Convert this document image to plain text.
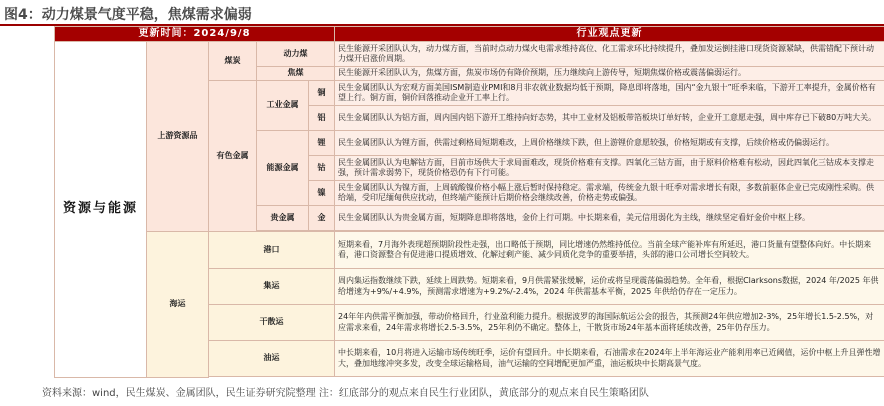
图4：动力煤景气度平稳，焦煤需求偏弱
更新时间：2024/9/8					行业观点更新
资源与能源	上游资源品	煤炭	动力煤		民生能源开采团队认为，动力煤方面，当前时点动力煤火电需求维持高位、化工需求环比持续提升，叠加发运倒挂港口现货资源紧缺，供需错配下预计动力煤开启涨价周期。
			焦煤		民生能源开采团队认为，焦煤方面，焦炭市场仍有降价预期，压力继续向上游传导，短期焦煤价格或震荡偏弱运行。
		有色金属	工业金属	铜	民生金属团队认为宏观方面美国ISM制造业PMI和8月非农就业数据均低于预期，降息即将落地，国内“金九银十”旺季来临，下游开工率提升，金属价格有望上行。铜方面，铜价回落推动企业开工率上行。
				铝	民生金属团队认为铝方面，周内国内铝下游开工维持向好态势，其中工业材及铝板带箔板块订单好转，企业开工意愿走强，周中库存已下破80万吨大关。
			能源金属	锂	民生金属团队认为锂方面，供需过剩格局短期难改，上周价格继续下跌，但上游锂价意愿较强，价格短期或有支撑，后续价格或仍偏弱运行。
				钴	民生金属团队认为电解钴方面，目前市场供大于求局面难改，现货价格难有支撑。四氧化三钴方面，由于原料价格难有松动，因此四氧化三钴成本支撑走强，预计需求弱势下，现货价格恐仍有下行可能。
				镍	民生金属团队认为镍方面，上周硫酸镍价格小幅上涨后暂时保持稳定。需求端，传统金九银十旺季对需求增长有限，多数前驱体企业已完成刚性采购。供给端，受印尼缅甸供应扰动，但终端产能预计后期价格会继续改善，价格走势或偏强。
			贵金属	金	民生金属团队认为贵金属方面，短期降息即将落地，金价上行可期。中长期来看，美元信用弱化为主线，继续坚定看好金价中枢上移。

	海运	港口			短期来看，7月海外表现超预期阶段性走强，出口略低于预期，同比增速仍然维持低位。当前全球产能补库有所延迟，港口货量有望整体向好。中长期来看，港口资源整合有促进港口提质增效、化解过剩产能、减少同质化竞争的重要举措，头部的港口公司增长空间较大。
		集运			周内集运指数继续下跌，延续上周跌势。短期来看，9月供需紧张缓解，运价或将呈现震荡偏弱趋势。全年看，根据Clarksons数据，2024 年/2025 年供给增速为+9%/+4.9%，预测需求增速为+9.2%/-2.4%，2024 年供需基本平衡，2025 年供给仍存在一定压力。
		干散运			24年年内供需平衡加强，带动价格回升，行业盈利能力提升。根据波罗的海国际航运公会的报告，其预测24年供应增加2-3%，25年增长1.5-2.5%，对应需求来看，24年需求将增长2.5-3.5%，25年利仍不确定。整体上，干散货市场24年基本面将延续改善，25年仍存压力。
		油运			中长期来看，10月将进入运输市场传统旺季，运价有望回升。中长期来看，石油需求在2024年上半年海运业产能利用率已近阈值，运价中枢上升且弹性增大，叠加地缘冲突多发，改变全球运输格局，油气运输的空间增配更加严重，油运板块中长期高景气度。

资料来源：wind，民生煤炭、金属团队，民生证券研究院整理 注：红底部分的观点来自民生行业团队，黄底部分的观点来自民生策略团队
